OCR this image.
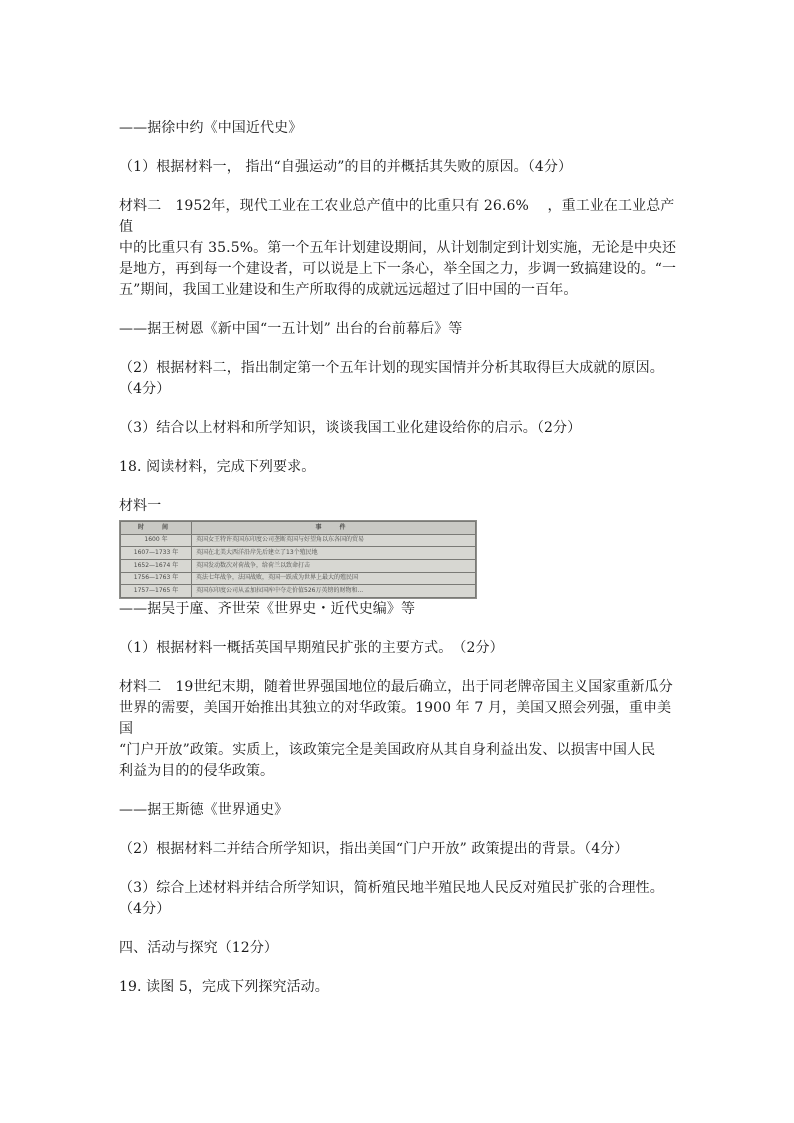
——据徐中约《中国近代史》

（1）根据材料一， 指出“自强运动”的目的并概括其失败的原因。（4分）

材料二　1952年，现代工业在工农业总产值中的比重只有 26.6%　 ，重工业在工业总产值

中的比重只有 35.5%。第一个五年计划建设期间，从计划制定到计划实施，无论是中央还

是地方，再到每一个建设者，可以说是上下一条心，举全国之力，步调一致搞建设的。“一

五”期间，我国工业建设和生产所取得的成就远远超过了旧中国的一百年。

——据王树恩《新中国“一五计划” 出台的台前幕后》等

（2）根据材料二，指出制定第一个五年计划的现实国情并分析其取得巨大成就的原因。

（4分）

（3）结合以上材料和所学知识，谈谈我国工业化建设给你的启示。（2分）

18. 阅读材料，完成下列要求。

材料一

时　间	事　件
1600 年	英国女王特许英国东印度公司垄断英国与好望角以东各国的贸易
1607—1733 年	英国在北美大西洋沿岸先后建立了13个殖民地
1652—1674 年	英国发动数次对荷战争，给荷兰以致命打击
1756—1763 年	英法七年战争，法国战败，英国一跃成为世界上最大的殖民国
1757—1765 年	英国东印度公司从孟加拉国库中夺走价值526万英镑的财物和...

——据吴于廑、齐世荣《世界史・近代史编》等

（1）根据材料一概括英国早期殖民扩张的主要方式。　（2分）

材料二　19世纪末期，随着世界强国地位的最后确立，出于同老牌帝国主义国家重新瓜分

世界的需要，美国开始推出其独立的对华政策。1900 年 7 月，美国又照会列强，重申美国

“门户开放”政策。实质上，该政策完全是美国政府从其自身利益出发、以损害中国人民

利益为目的的侵华政策。

——据王斯德《世界通史》

（2）根据材料二并结合所学知识，指出美国“门户开放” 政策提出的背景。（4分）

（3）综合上述材料并结合所学知识，简析殖民地半殖民地人民反对殖民扩张的合理性。

（4分）

四、活动与探究（12分）

19. 读图 5，完成下列探究活动。
